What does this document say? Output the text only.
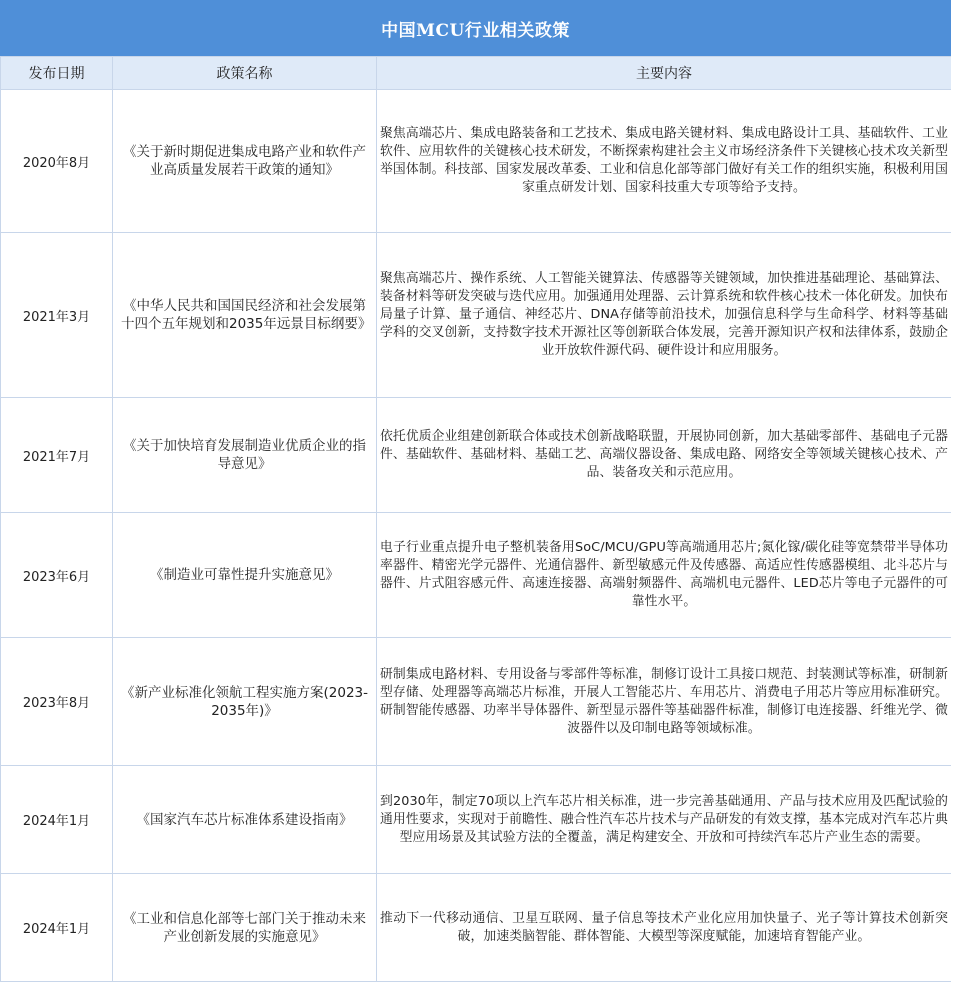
中国MCU行业相关政策
发布日期	政策名称	主要内容
2020年8月	《关于新时期促进集成电路产业和软件产业高质量发展若干政策的通知》	聚焦高端芯片、集成电路装备和工艺技术、集成电路关键材料、集成电路设计工具、基础软件、工业软件、应用软件的关键核心技术研发，不断探索构建社会主义市场经济条件下关键核心技术攻关新型举国体制。科技部、国家发展改革委、工业和信息化部等部门做好有关工作的组织实施，积极利用国家重点研发计划、国家科技重大专项等给予支持。

2021年3月	《中华人民共和国国民经济和社会发展第十四个五年规划和2035年远景目标纲要》	聚焦高端芯片、操作系统、人工智能关键算法、传感器等关键领域，加快推进基础理论、基础算法、装备材料等研发突破与迭代应用。加强通用处理器、云计算系统和软件核心技术一体化研发。加快布局量子计算、量子通信、神经芯片、DNA存储等前沿技术，加强信息科学与生命科学、材料等基础学科的交叉创新，支持数字技术开源社区等创新联合体发展，完善开源知识产权和法律体系，鼓励企业开放软件源代码、硬件设计和应用服务。

2021年7月	《关于加快培育发展制造业优质企业的指导意见》	依托优质企业组建创新联合体或技术创新战略联盟，开展协同创新，加大基础零部件、基础电子元器件、基础软件、基础材料、基础工艺、高端仪器设备、集成电路、网络安全等领域关键核心技术、产品、装备攻关和示范应用。

2023年6月	《制造业可靠性提升实施意见》	电子行业重点提升电子整机装备用SoC/MCU/GPU等高端通用芯片;氮化镓/碳化硅等宽禁带半导体功率器件、精密光学元器件、光通信器件、新型敏感元件及传感器、高适应性传感器模组、北斗芯片与器件、片式阻容感元件、高速连接器、高端射频器件、高端机电元器件、LED芯片等电子元器件的可靠性水平。

2023年8月	《新产业标准化领航工程实施方案(2023-2035年)》	研制集成电路材料、专用设备与零部件等标准，制修订设计工具接口规范、封装测试等标准，研制新型存储、处理器等高端芯片标准，开展人工智能芯片、车用芯片、消费电子用芯片等应用标准研究。研制智能传感器、功率半导体器件、新型显示器件等基础器件标准，制修订电连接器、纤维光学、微波器件以及印制电路等领域标准。

2024年1月	《国家汽车芯片标准体系建设指南》	到2030年，制定70项以上汽车芯片相关标准，进一步完善基础通用、产品与技术应用及匹配试验的通用性要求，实现对于前瞻性、融合性汽车芯片技术与产品研发的有效支撑，基本完成对汽车芯片典型应用场景及其试验方法的全覆盖，满足构建安全、开放和可持续汽车芯片产业生态的需要。

2024年1月	《工业和信息化部等七部门关于推动未来产业创新发展的实施意见》	推动下一代移动通信、卫星互联网、量子信息等技术产业化应用加快量子、光子等计算技术创新突破，加速类脑智能、群体智能、大模型等深度赋能，加速培育智能产业。
